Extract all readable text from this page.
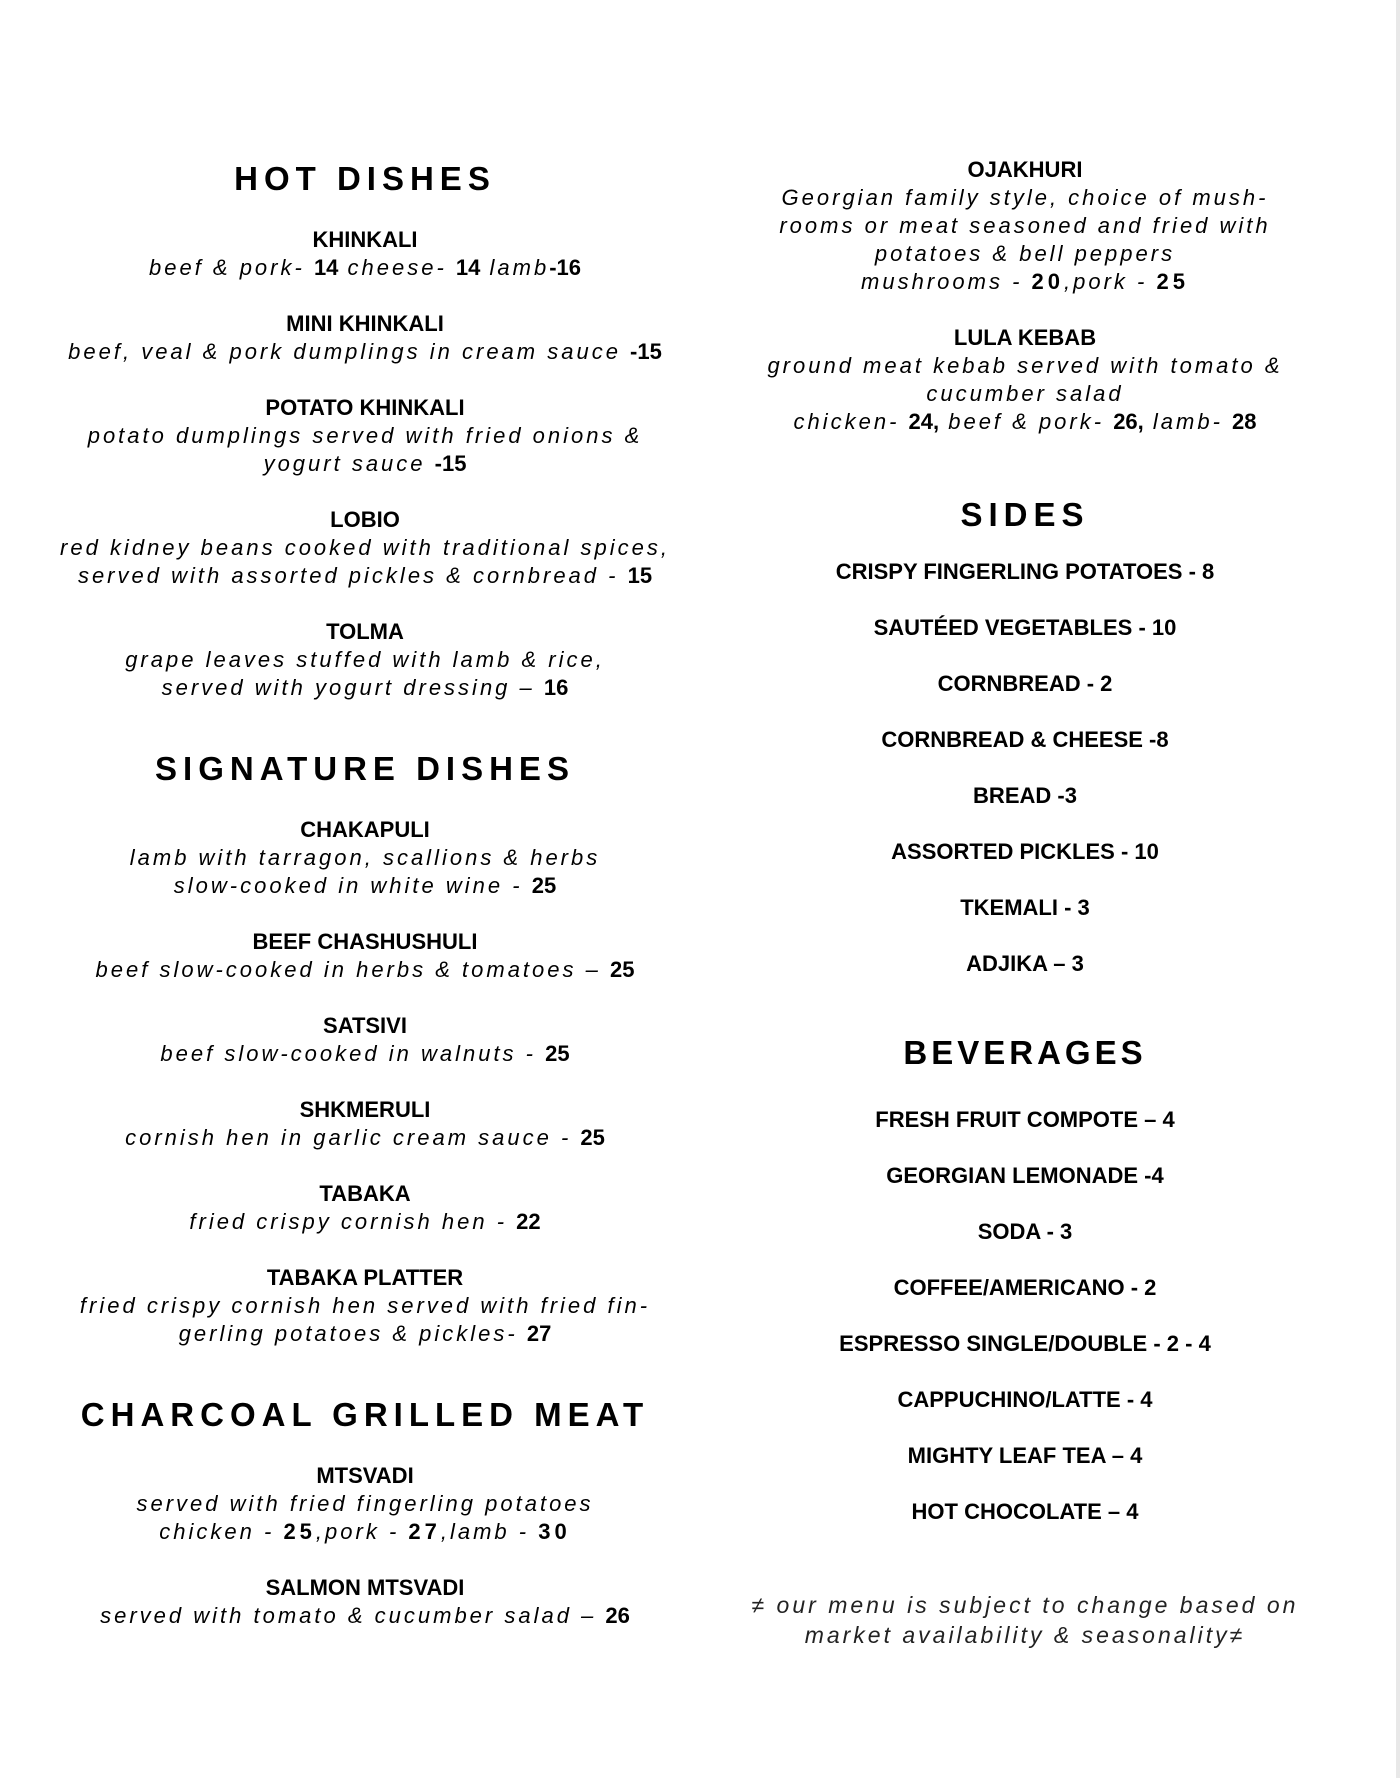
HOT DISHES
KHINKALI
beef & pork- 14 cheese- 14 lamb-16
MINI KHINKALI
beef, veal & pork dumplings in cream sauce -15
POTATO KHINKALI
potato dumplings served with fried onions &
yogurt sauce -15
LOBIO
red kidney beans cooked with traditional spices,
served with assorted pickles & cornbread - 15
TOLMA
grape leaves stuffed with lamb & rice,
served with yogurt dressing – 16
SIGNATURE DISHES
CHAKAPULI
lamb with tarragon, scallions & herbs
slow-cooked in white wine - 25
BEEF CHASHUSHULI
beef slow-cooked in herbs & tomatoes – 25
SATSIVI
beef slow-cooked in walnuts - 25
SHKMERULI
cornish hen in garlic cream sauce - 25
TABAKA
fried crispy cornish hen - 22
TABAKA PLATTER
fried crispy cornish hen served with fried fin-
gerling potatoes & pickles- 27
CHARCOAL GRILLED MEAT
MTSVADI
served with fried fingerling potatoes
chicken - 25,pork - 27,lamb - 30
SALMON MTSVADI
served with tomato & cucumber salad – 26
OJAKHURI
Georgian family style, choice of mush-
rooms or meat seasoned and fried with
potatoes & bell peppers
mushrooms - 20,pork - 25
LULA KEBAB
ground meat kebab served with tomato &
cucumber salad
chicken- 24, beef & pork- 26, lamb- 28
SIDES
CRISPY FINGERLING POTATOES - 8
SAUTÉED VEGETABLES - 10
CORNBREAD - 2
CORNBREAD & CHEESE -8
BREAD -3
ASSORTED PICKLES - 10
TKEMALI - 3
ADJIKA – 3
BEVERAGES
FRESH FRUIT COMPOTE – 4
GEORGIAN LEMONADE -4
SODA - 3
COFFEE/AMERICANO - 2
ESPRESSO SINGLE/DOUBLE - 2 - 4
CAPPUCHINO/LATTE - 4
MIGHTY LEAF TEA – 4
HOT CHOCOLATE – 4
≠ our menu is subject to change based on
market availability & seasonality≠
